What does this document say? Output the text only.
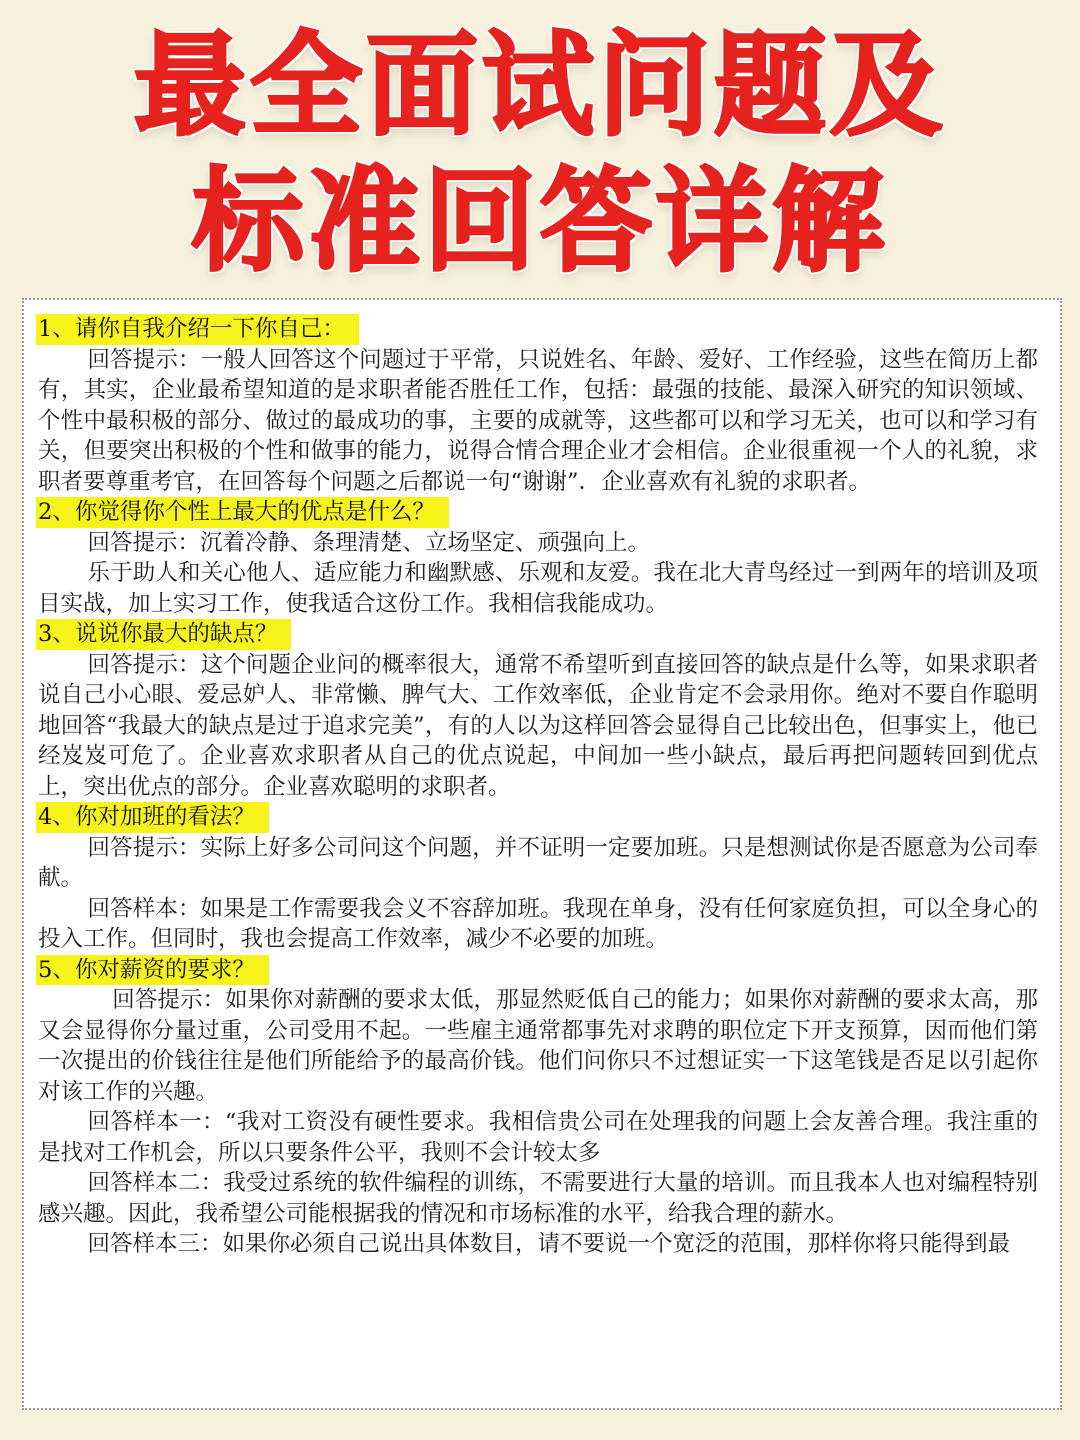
最全面试问题及
标准回答详解
1、请你自我介绍一下你自己：

回答提示：一般人回答这个问题过于平常，只说姓名、年龄、爱好、工作经验，这些在简历上都有，其实，企业最希望知道的是求职者能否胜任工作，包括：最强的技能、最深入研究的知识领域、个性中最积极的部分、做过的最成功的事，主要的成就等，这些都可以和学习无关，也可以和学习有关，但要突出积极的个性和做事的能力，说得合情合理企业才会相信。企业很重视一个人的礼貌，求职者要尊重考官，在回答每个问题之后都说一句“谢谢”．企业喜欢有礼貌的求职者。

2、你觉得你个性上最大的优点是什么？

回答提示：沉着冷静、条理清楚、立场坚定、顽强向上。

乐于助人和关心他人、适应能力和幽默感、乐观和友爱。我在北大青鸟经过一到两年的培训及项目实战，加上实习工作，使我适合这份工作。我相信我能成功。

3、说说你最大的缺点？

回答提示：这个问题企业问的概率很大，通常不希望听到直接回答的缺点是什么等，如果求职者说自己小心眼、爱忌妒人、非常懒、脾气大、工作效率低，企业肯定不会录用你。绝对不要自作聪明地回答“我最大的缺点是过于追求完美”，有的人以为这样回答会显得自己比较出色，但事实上，他已经岌岌可危了。企业喜欢求职者从自己的优点说起，中间加一些小缺点，最后再把问题转回到优点上，突出优点的部分。企业喜欢聪明的求职者。

4、你对加班的看法？

回答提示：实际上好多公司问这个问题，并不证明一定要加班。只是想测试你是否愿意为公司奉献。

回答样本：如果是工作需要我会义不容辞加班。我现在单身，没有任何家庭负担，可以全身心的投入工作。但同时，我也会提高工作效率，减少不必要的加班。

5、你对薪资的要求？

回答提示：如果你对薪酬的要求太低，那显然贬低自己的能力；如果你对薪酬的要求太高，那又会显得你分量过重，公司受用不起。一些雇主通常都事先对求聘的职位定下开支预算，因而他们第一次提出的价钱往往是他们所能给予的最高价钱。他们问你只不过想证实一下这笔钱是否足以引起你对该工作的兴趣。

回答样本一：“我对工资没有硬性要求。我相信贵公司在处理我的问题上会友善合理。我注重的是找对工作机会，所以只要条件公平，我则不会计较太多

回答样本二：我受过系统的软件编程的训练，不需要进行大量的培训。而且我本人也对编程特别感兴趣。因此，我希望公司能根据我的情况和市场标准的水平，给我合理的薪水。

回答样本三：如果你必须自己说出具体数目，请不要说一个宽泛的范围，那样你将只能得到最
